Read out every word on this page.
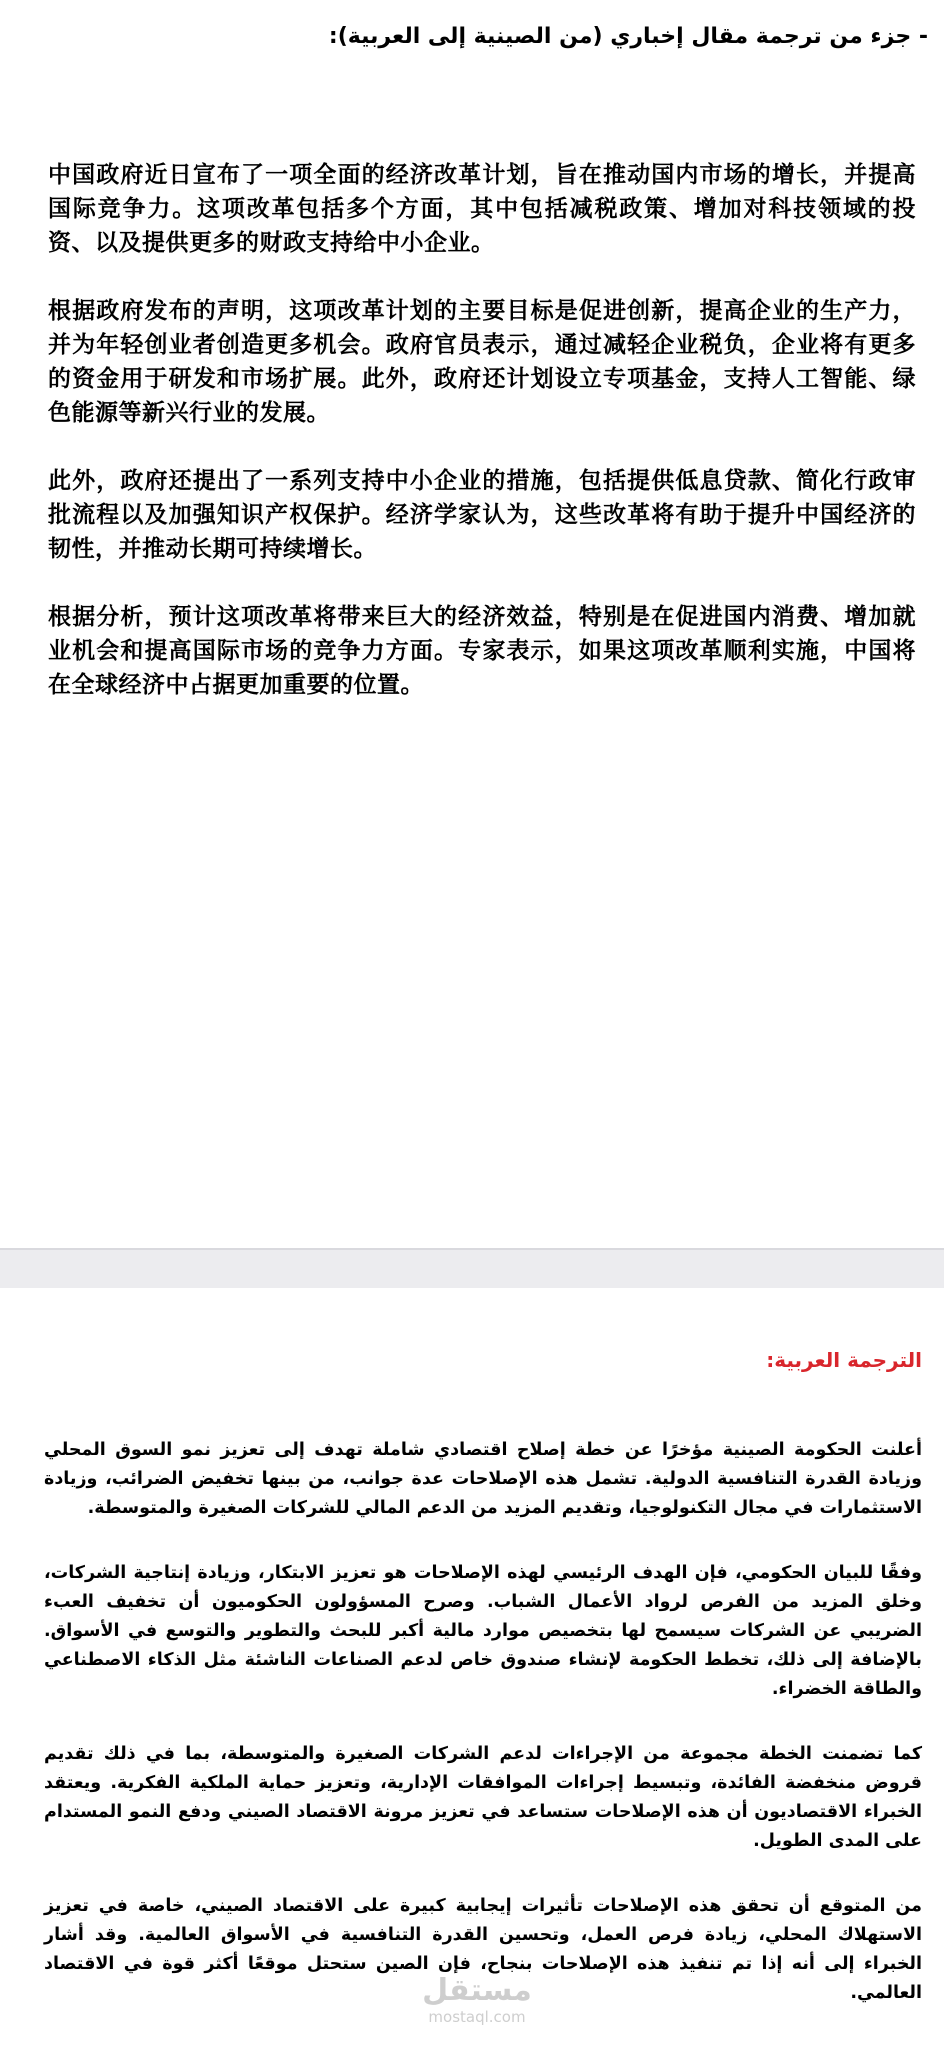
- جزء من ترجمة مقال إخباري (من الصينية إلى العربية):

中国政府近日宣布了一项全面的经济改革计划，旨在推动国内市场的增长，并提高国际竞争力。这项改革包括多个方面，其中包括减税政策、增加对科技领域的投资、以及提供更多的财政支持给中小企业。

根据政府发布的声明，这项改革计划的主要目标是促进创新，提高企业的生产力，并为年轻创业者创造更多机会。政府官员表示，通过减轻企业税负，企业将有更多的资金用于研发和市场扩展。此外，政府还计划设立专项基金，支持人工智能、绿色能源等新兴行业的发展。

此外，政府还提出了一系列支持中小企业的措施，包括提供低息贷款、简化行政审批流程以及加强知识产权保护。经济学家认为，这些改革将有助于提升中国经济的韧性，并推动长期可持续增长。

根据分析，预计这项改革将带来巨大的经济效益，特别是在促进国内消费、增加就业机会和提高国际市场的竞争力方面。专家表示，如果这项改革顺利实施，中国将在全球经济中占据更加重要的位置。

الترجمة العربية:

أعلنت الحكومة الصينية مؤخرًا عن خطة إصلاح اقتصادي شاملة تهدف إلى تعزيز نمو السوق المحلي وزيادة القدرة التنافسية الدولية. تشمل هذه الإصلاحات عدة جوانب، من بينها تخفيض الضرائب، وزيادة الاستثمارات في مجال التكنولوجيا، وتقديم المزيد من الدعم المالي للشركات الصغيرة والمتوسطة.

وفقًا للبيان الحكومي، فإن الهدف الرئيسي لهذه الإصلاحات هو تعزيز الابتكار، وزيادة إنتاجية الشركات، وخلق المزيد من الفرص لرواد الأعمال الشباب. وصرح المسؤولون الحكوميون أن تخفيف العبء الضريبي عن الشركات سيسمح لها بتخصيص موارد مالية أكبر للبحث والتطوير والتوسع في الأسواق. بالإضافة إلى ذلك، تخطط الحكومة لإنشاء صندوق خاص لدعم الصناعات الناشئة مثل الذكاء الاصطناعي والطاقة الخضراء.

كما تضمنت الخطة مجموعة من الإجراءات لدعم الشركات الصغيرة والمتوسطة، بما في ذلك تقديم قروض منخفضة الفائدة، وتبسيط إجراءات الموافقات الإدارية، وتعزيز حماية الملكية الفكرية. ويعتقد الخبراء الاقتصاديون أن هذه الإصلاحات ستساعد في تعزيز مرونة الاقتصاد الصيني ودفع النمو المستدام على المدى الطويل.

من المتوقع أن تحقق هذه الإصلاحات تأثيرات إيجابية كبيرة على الاقتصاد الصيني، خاصة في تعزيز الاستهلاك المحلي، زيادة فرص العمل، وتحسين القدرة التنافسية في الأسواق العالمية. وقد أشار الخبراء إلى أنه إذا تم تنفيذ هذه الإصلاحات بنجاح، فإن الصين ستحتل موقعًا أكثر قوة في الاقتصاد العالمي.

مستقل
mostaql.com
